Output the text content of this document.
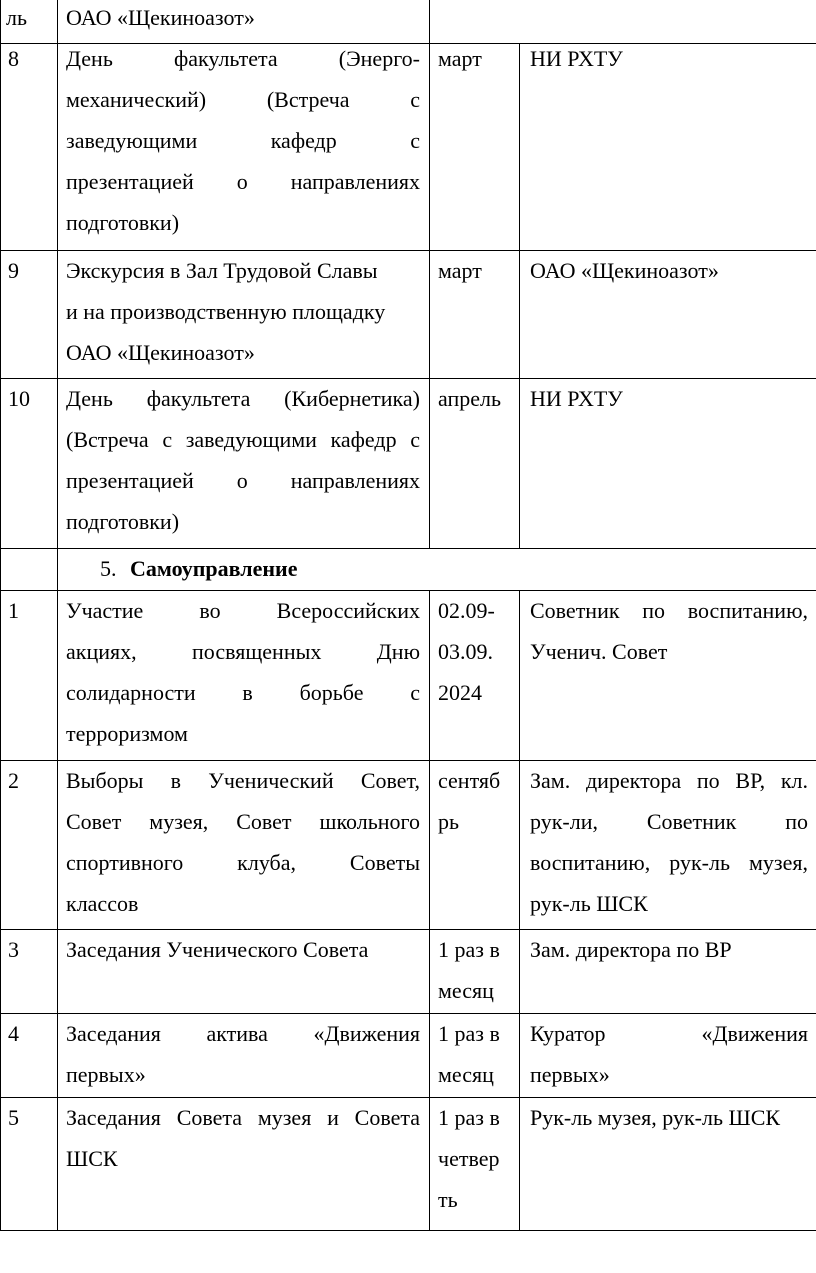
ль ОАО «Щекиноазот»
8 День факультета (Энерго-
механический) (Встреча с
заведующими кафедр с
презентацией о направлениях
подготовки)
март НИ РХТУ
9 Экскурсия в Зал Трудовой Славы
и на производственную площадку
ОАО «Щекиноазот»
март ОАО «Щекиноазот»
10 День факультета (Кибернетика)
(Встреча с заведующими кафедр с
презентацией о направлениях
подготовки)
апрель НИ РХТУ
5. Самоуправление
1 Участие во Всероссийских
акциях, посвященных Дню
солидарности в борьбе с
терроризмом
02.09-
03.09.
2024
Советник по воспитанию,
Ученич. Совет
2 Выборы в Ученический Совет,
Совет музея, Совет школьного
спортивного клуба, Советы
классов
сентяб
рь
Зам. директора по ВР, кл.
рук-ли, Советник по
воспитанию, рук-ль музея,
рук-ль ШСК
3 Заседания Ученического Совета	1 раз в
месяц
Зам. директора по ВР
4 Заседания актива «Движения
первых»
1 раз в
месяц
Куратор «Движения
первых»
5 Заседания Совета музея и Совета
ШСК
1 раз в
четвер
ть
Рук-ль музея, рук-ль ШСК
